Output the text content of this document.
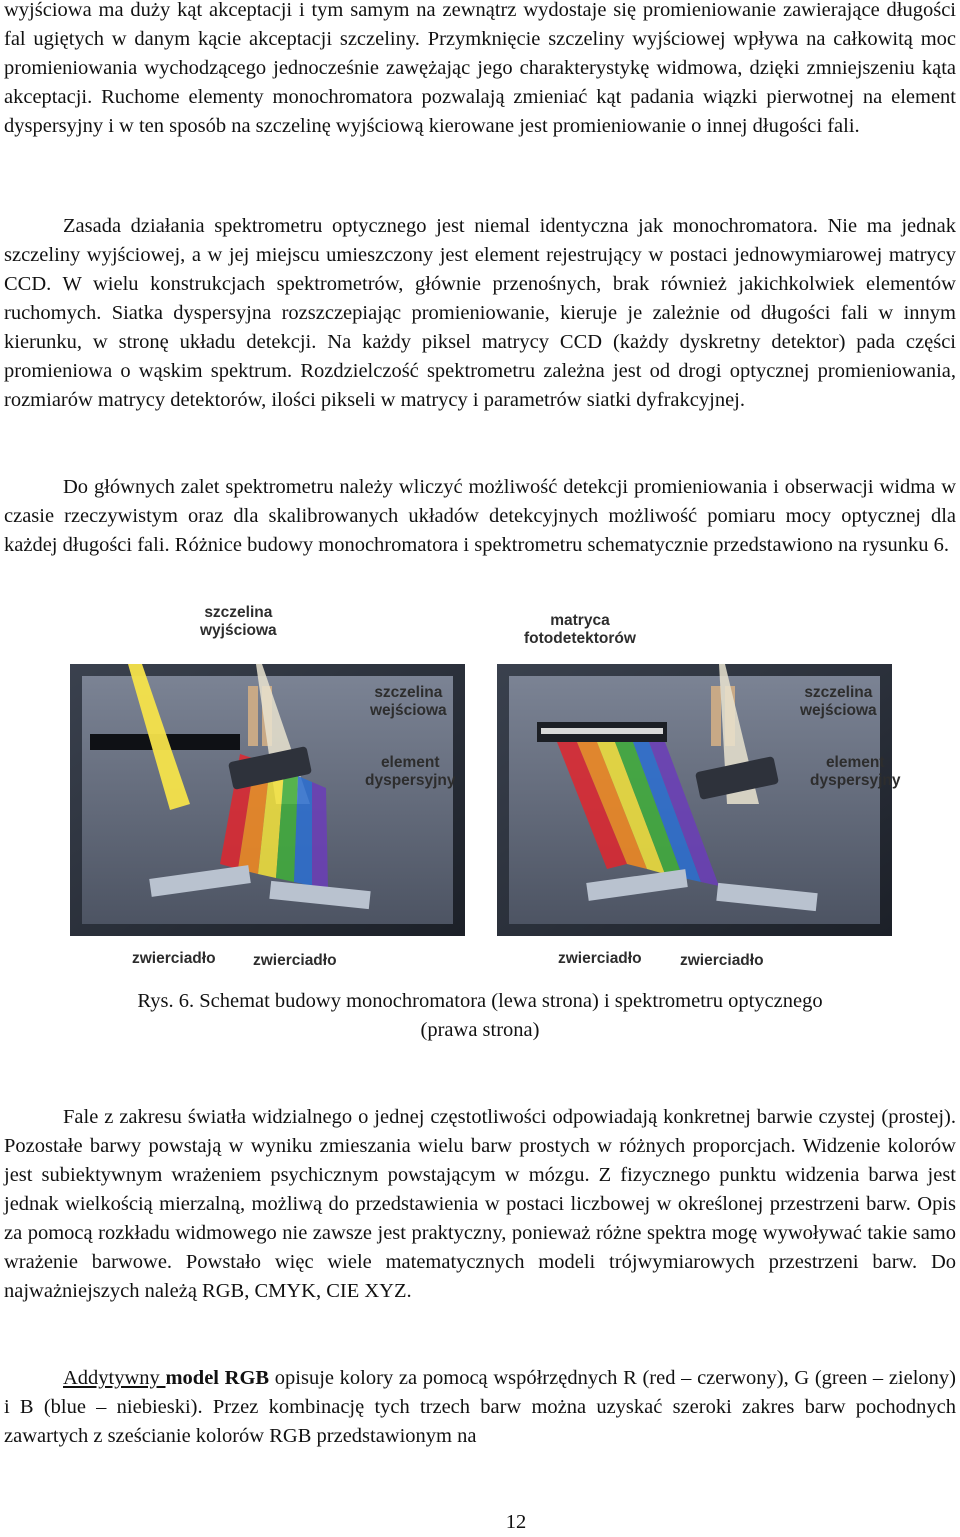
wyjściowa ma duży kąt akceptacji i tym samym na zewnątrz wydostaje się promieniowanie zawierające długości fal ugiętych w danym kącie akceptacji szczeliny. Przymknięcie szczeliny wyjściowej wpływa na całkowitą moc promieniowania wychodzącego jednocześnie zawężając jego charakterystykę widmowa, dzięki zmniejszeniu kąta akceptacji. Ruchome elementy monochromatora pozwalają zmieniać kąt padania wiązki pierwotnej na element dyspersyjny i w ten sposób na szczelinę wyjściową kierowane jest promieniowanie o innej długości fali.

Zasada działania spektrometru optycznego jest niemal identyczna jak monochromatora. Nie ma jednak szczeliny wyjściowej, a w jej miejscu umieszczony jest element rejestrujący w postaci jednowymiarowej matrycy CCD. W wielu konstrukcjach spektrometrów, głównie przenośnych, brak również jakichkolwiek elementów ruchomych. Siatka dyspersyjna rozszczepiając promieniowanie, kieruje je zależnie od długości fali w innym kierunku, w stronę układu detekcji. Na każdy piksel matrycy CCD (każdy dyskretny detektor) pada części promieniowa o wąskim spektrum. Rozdzielczość spektrometru zależna jest od drogi optycznej promieniowania, rozmiarów matrycy detektorów, ilości pikseli w matrycy i parametrów siatki dyfrakcyjnej.

Do głównych zalet spektrometru należy wliczyć możliwość detekcji promieniowania i obserwacji widma w czasie rzeczywistym oraz dla skalibrowanych układów detekcyjnych możliwość pomiaru mocy optycznej dla każdej długości fali. Różnice budowy monochromatora i spektrometru schematycznie przedstawiono na rysunku 6.

szczelina
wyjściowa
szczelina
wejściowa
element
dyspersyjny
zwierciadło zwierciadło
matryca
fotodetektorów
szczelina
wejściowa
element
dyspersyjny
zwierciadło zwierciadło
Rys. 6. Schemat budowy monochromatora (lewa strona) i spektrometru optycznego
(prawa strona)

Fale z zakresu światła widzialnego o jednej częstotliwości odpowiadają konkretnej barwie czystej (prostej). Pozostałe barwy powstają w wyniku zmieszania wielu barw prostych w różnych proporcjach. Widzenie kolorów jest subiektywnym wrażeniem psychicznym powstającym w mózgu. Z fizycznego punktu widzenia barwa jest jednak wielkością mierzalną, możliwą do przedstawienia w postaci liczbowej w określonej przestrzeni barw. Opis za pomocą rozkładu widmowego nie zawsze jest praktyczny, ponieważ różne spektra mogę wywoływać takie samo wrażenie barwowe. Powstało więc wiele matematycznych modeli trójwymiarowych przestrzeni barw. Do najważniejszych należą RGB, CMYK, CIE XYZ.

Addytywny model RGB opisuje kolory za pomocą współrzędnych R (red – czerwony), G (green – zielony) i B (blue – niebieski). Przez kombinację tych trzech barw można uzyskać szeroki zakres barw pochodnych zawartych z sześcianie kolorów RGB przedstawionym na

12
